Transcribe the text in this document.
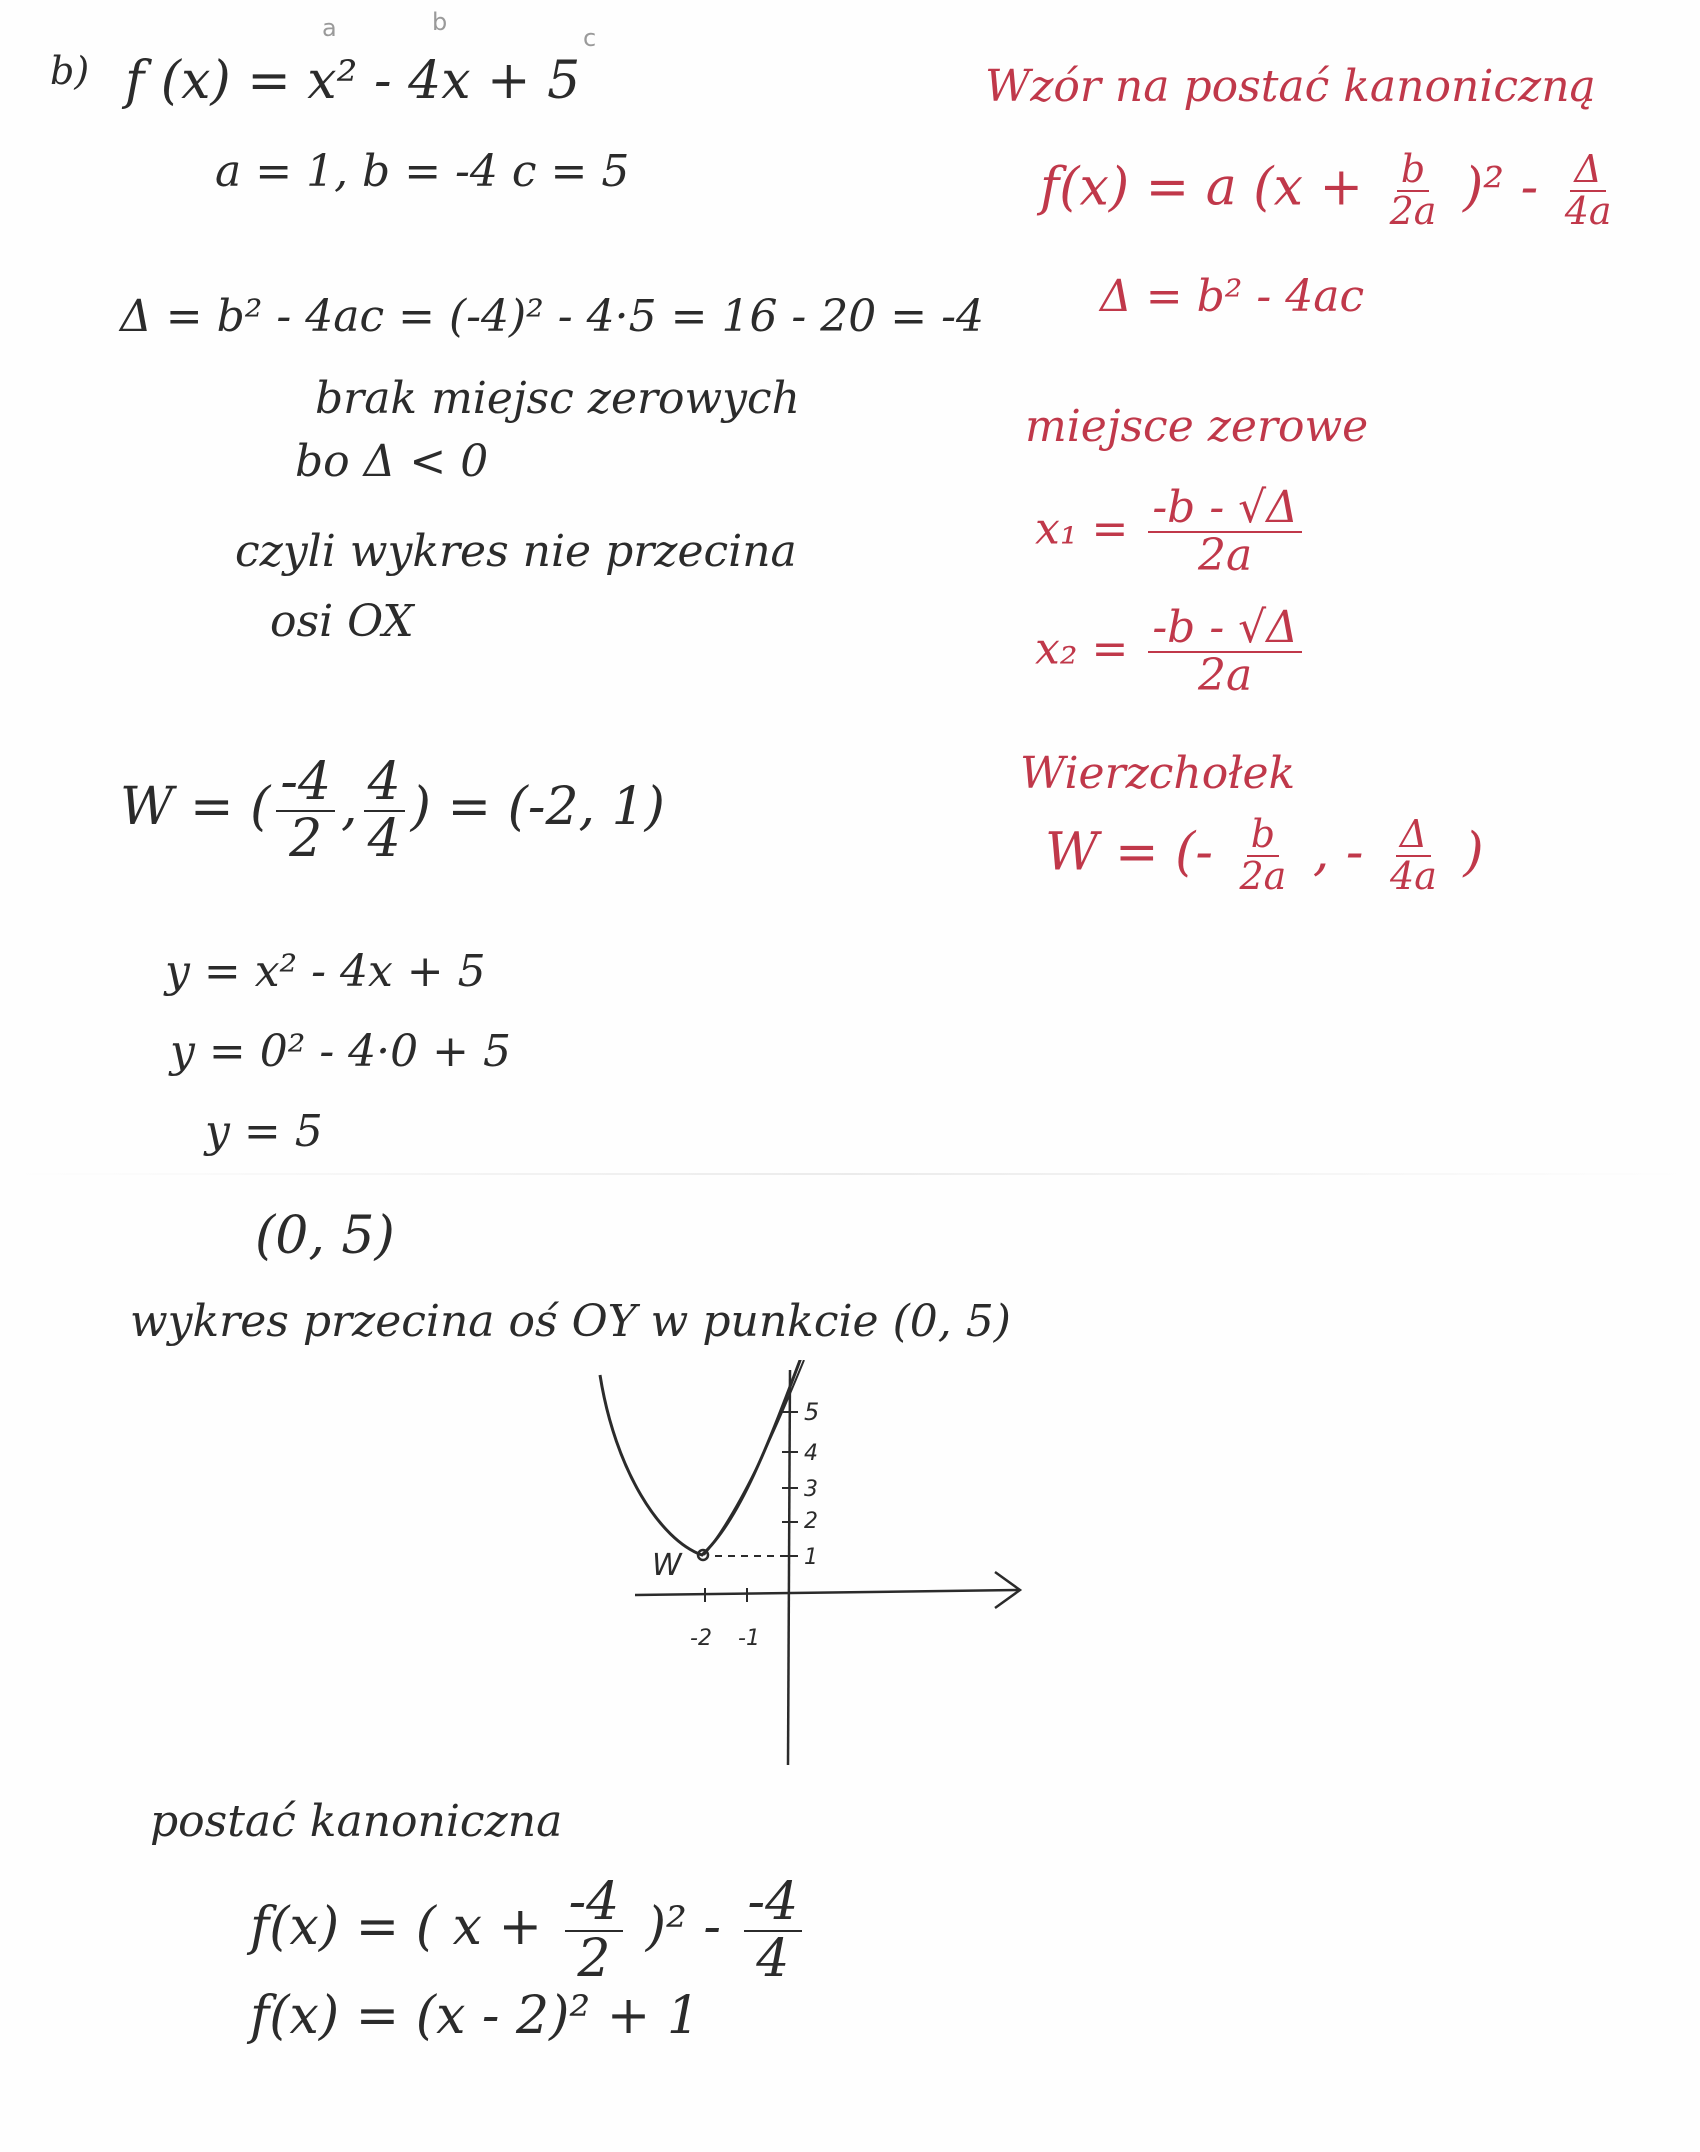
b) f (x) = x² - 4x + 5
a	b
c
a = 1, b = -4 c = 5
Δ = b² - 4ac = (-4)² - 4·5 = 16 - 20 = -4
brak miejsc zerowych
bo Δ < 0
czyli wykres nie przecina
osi OX
W = ( $\frac{-4}{2}$ , $\frac{4}{4}$ ) = (-2, 1)
y = x² - 4x + 5
y = 0² - 4·0 + 5
y = 5
(0, 5)
wykres przecina oś OY w punkcie (0, 5)
5
4
3
2
1
-2 -1
W
postać kanoniczna
f(x) = ( $x + \frac{-4}{2} )^2 - \frac{-4}{4}$
f(x) = (x - 2)² + 1
Wzór na postać kanoniczną
f(x) = a $(x + \frac{b}{2a} )^2 - \frac{\Delta}{4a}$
Δ = b² - 4ac
miejsce zerowe
$x_1 = \frac{-b - √\Delta}{2a}$
$x_2 = \frac{-b - √\Delta}{2a}$
Wierzchołek
W = (- $\frac{b}{2a}$ , - $\frac{\Delta}{4a}$ )
